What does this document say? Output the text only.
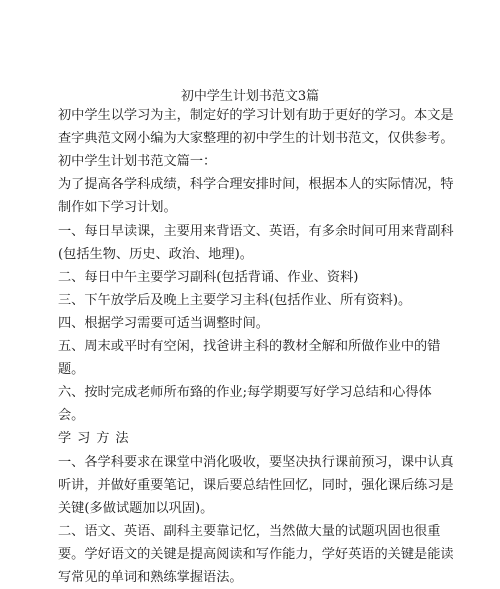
初中学生计划书范文3篇
初中学生以学习为主，制定好的学习计划有助于更好的学习。本文是
查字典范文网小编为大家整理的初中学生的计划书范文，仅供参考。
初中学生计划书范文篇一：
为了提高各学科成绩，科学合理安排时间，根据本人的实际情况，特
制作如下学习计划。
一、每日早读课，主要用来背语文、英语，有多余时间可用来背副科
(包括生物、历史、政治、地理)。
二、每日中午主要学习副科(包括背诵、作业、资料)
三、下午放学后及晚上主要学习主科(包括作业、所有资料)。
四、根据学习需要可适当调整时间。
五、周末或平时有空闲，找爸讲主科的教材全解和所做作业中的错
题。
六、按时完成老师所布臵的作业;每学期要写好学习总结和心得体
会。
学习方法
一、各学科要求在课堂中消化吸收，要坚决执行课前预习，课中认真
听讲，并做好重要笔记，课后要总结性回忆，同时，强化课后练习是
关键(多做试题加以巩固)。
二、语文、英语、副科主要靠记忆，当然做大量的试题巩固也很重
要。学好语文的关键是提高阅读和写作能力，学好英语的关键是能读
写常见的单词和熟练掌握语法。
